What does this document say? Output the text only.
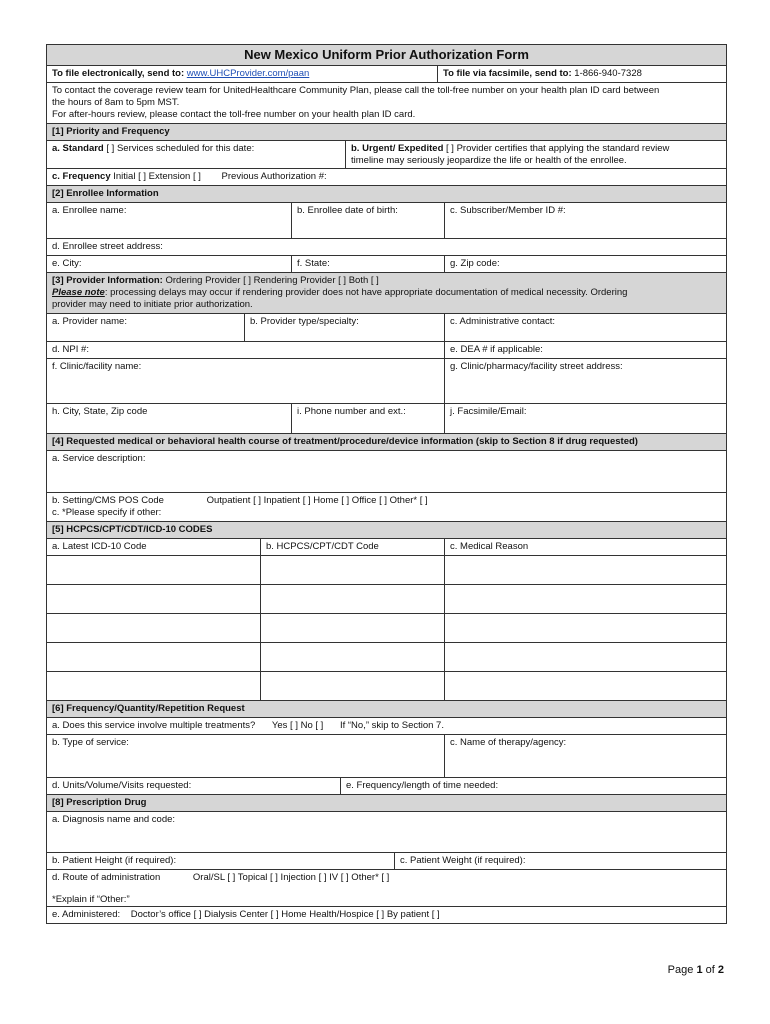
New Mexico Uniform Prior Authorization Form
To file electronically, send to: www.UHCProvider.com/paan	To file via facsimile, send to: 1-866-940-7328
To contact the coverage review team for UnitedHealthcare Community Plan, please call the toll-free number on your health plan ID card between
the hours of 8am to 5pm MST.
For after-hours review, please contact the toll-free number on your health plan ID card.
[1] Priority and Frequency
a. Standard [ ] Services scheduled for this date:	b. Urgent/ Expedited [ ] Provider certifies that applying the standard review
timeline may seriously jeopardize the life or health of the enrollee.
c. Frequency Initial [ ] Extension [ ] Previous Authorization #:
[2] Enrollee Information
a. Enrollee name:	b. Enrollee date of birth:	c. Subscriber/Member ID #:
d. Enrollee street address:
e. City:	f. State:	g. Zip code:
[3] Provider Information: Ordering Provider [ ] Rendering Provider [ ] Both [ ]
Please note: processing delays may occur if rendering provider does not have appropriate documentation of medical necessity. Ordering
provider may need to initiate prior authorization.
a. Provider name:	b. Provider type/specialty:	c. Administrative contact:
d. NPI #:	e. DEA # if applicable:
f. Clinic/facility name:	g. Clinic/pharmacy/facility street address:
h. City, State, Zip code	i. Phone number and ext.:	j. Facsimile/Email:
[4] Requested medical or behavioral health course of treatment/procedure/device information (skip to Section 8 if drug requested)
a. Service description:
b. Setting/CMS POS Code	Outpatient [ ] Inpatient [ ] Home [ ] Office [ ] Other* [ ]
c. *Please specify if other:
[5] HCPCS/CPT/CDT/ICD-10 CODES
a. Latest ICD-10 Code	b. HCPCS/CPT/CDT Code	c. Medical Reason
[6] Frequency/Quantity/Repetition Request
a. Does this service involve multiple treatments? Yes [ ] No [ ] If “No,” skip to Section 7.
b. Type of service:	c. Name of therapy/agency:
d. Units/Volume/Visits requested:	e. Frequency/length of time needed:
[8] Prescription Drug
a. Diagnosis name and code:
b. Patient Height (if required):	c. Patient Weight (if required):
d. Route of administration	Oral/SL [ ] Topical [ ] Injection [ ] IV [ ] Other* [ ]
*Explain if “Other:”
e. Administered: Doctor’s office [ ] Dialysis Center [ ] Home Health/Hospice [ ] By patient [ ]
Page 1 of 2
